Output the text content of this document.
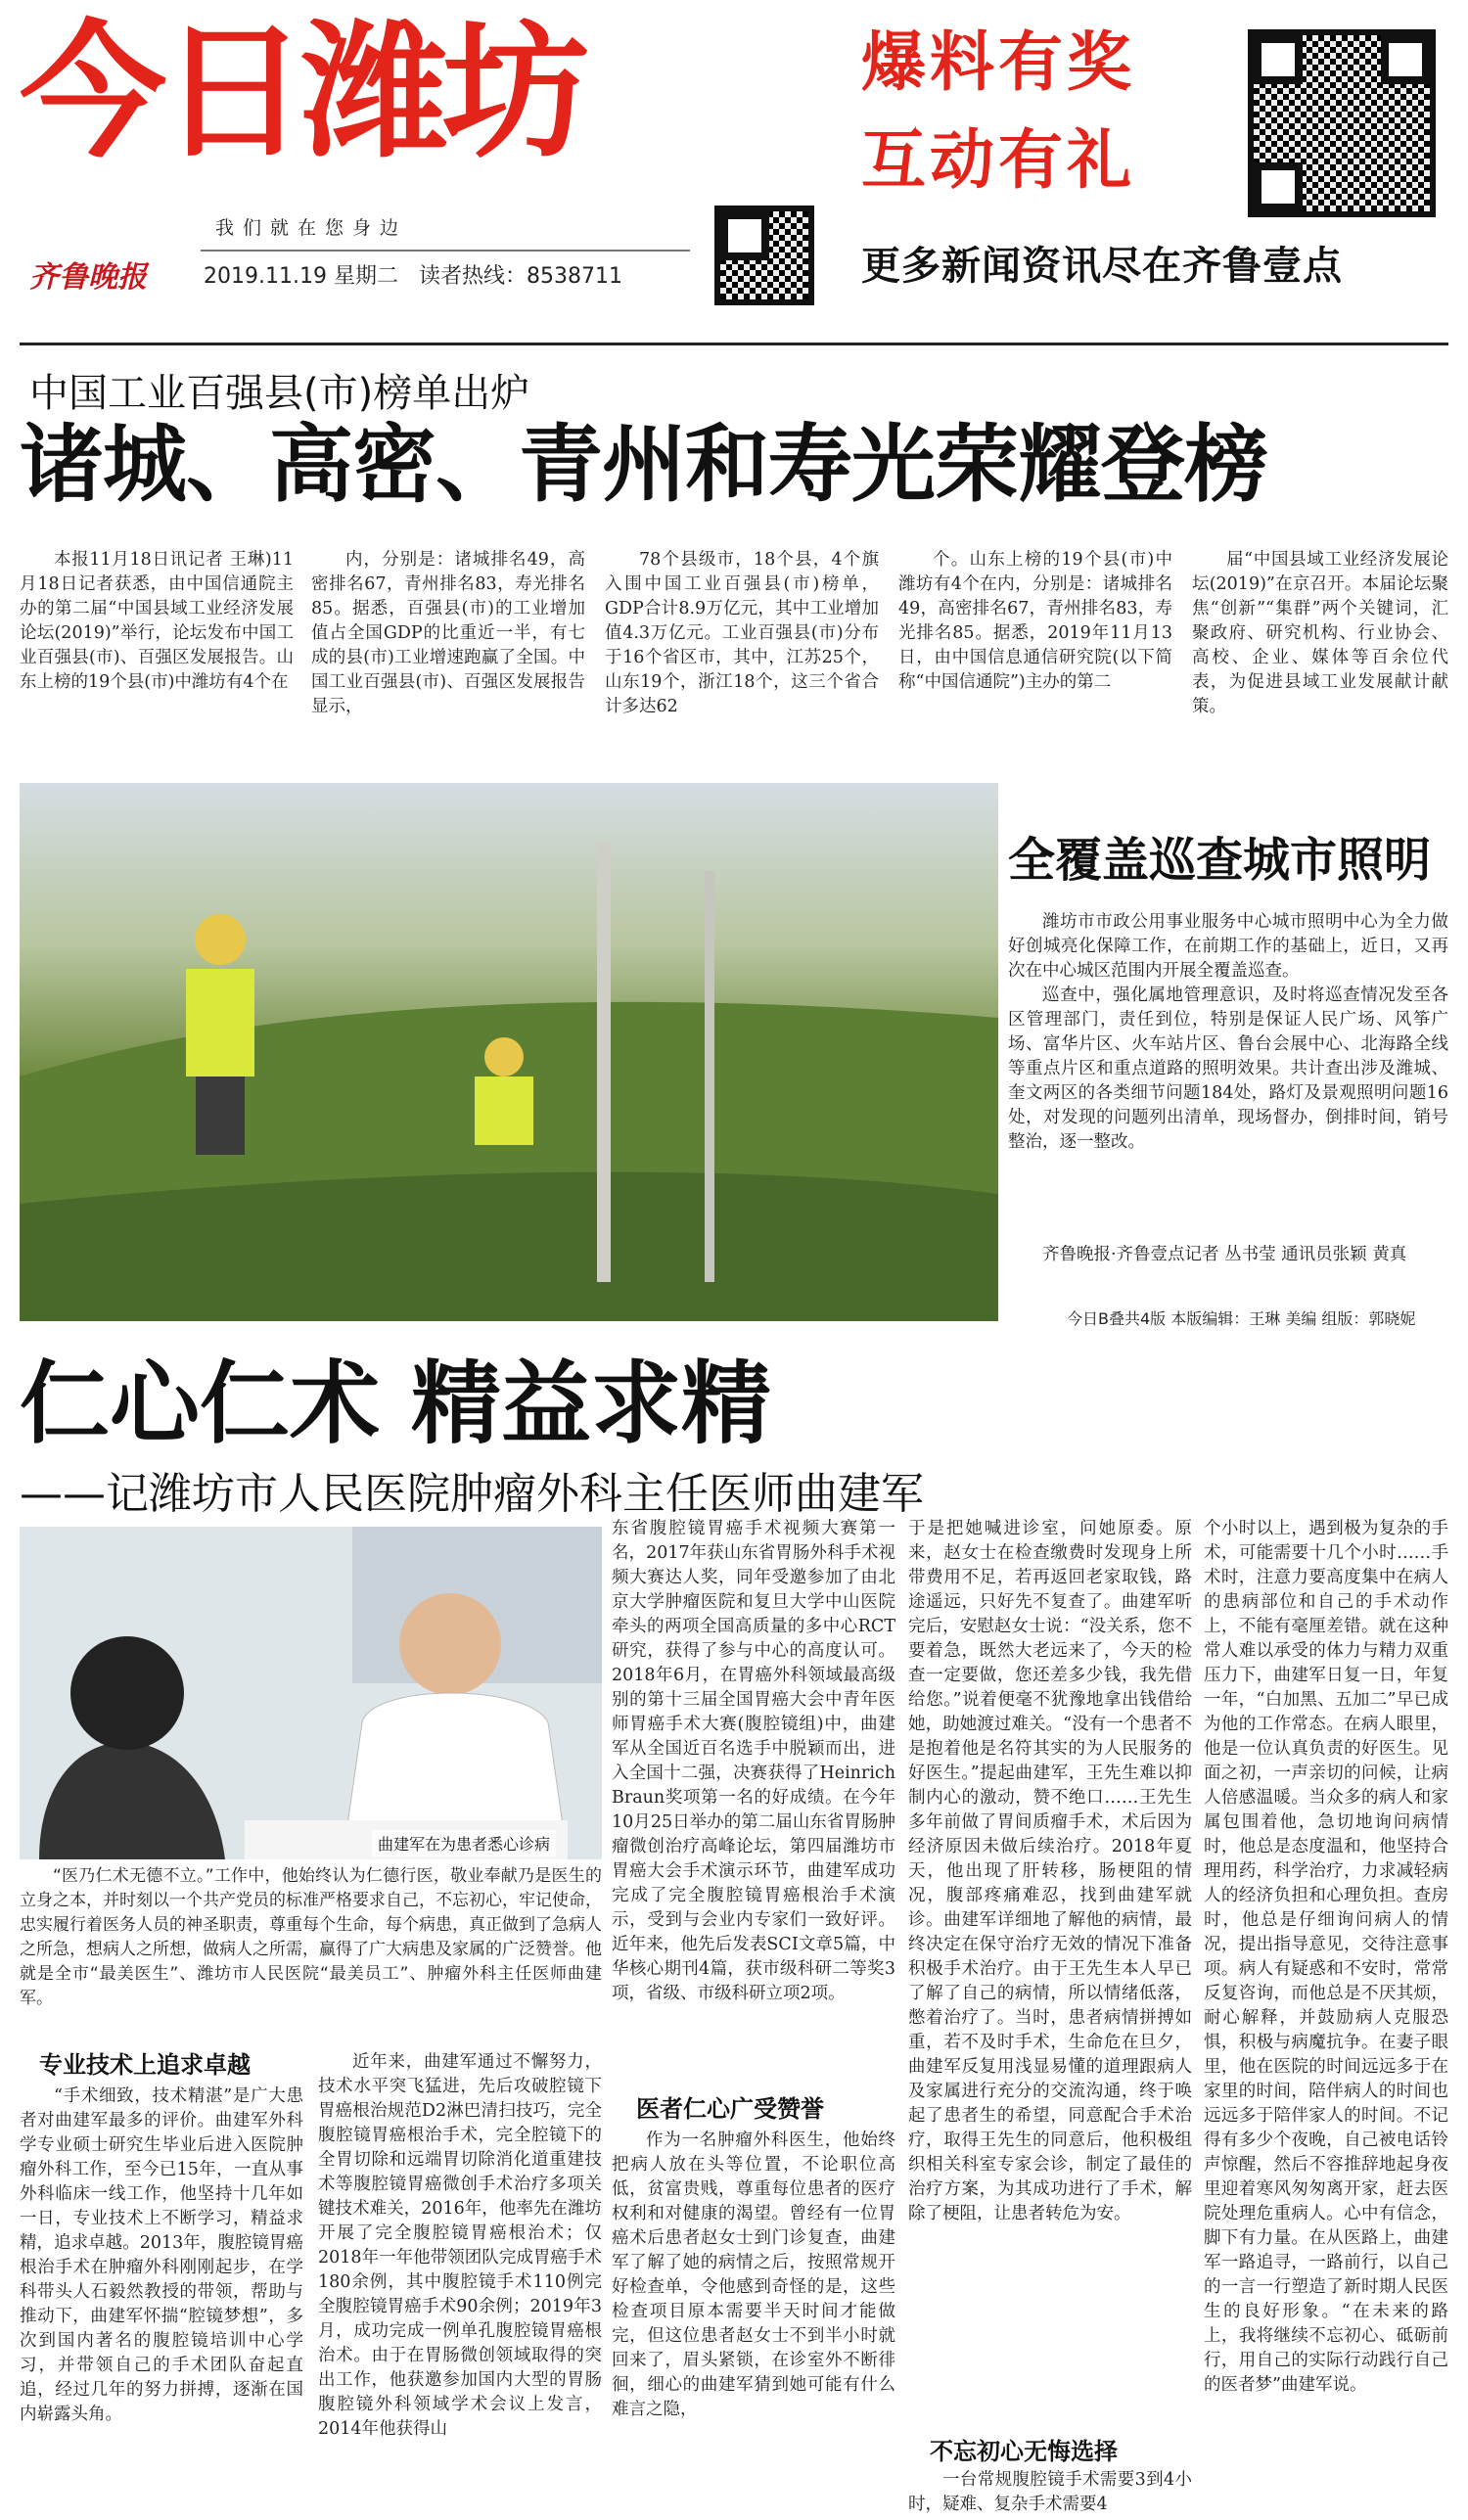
今日潍坊
我们就在您身边
齐鲁晚报	2019.11.19 星期二 读者热线：8538711
爆料有奖
互动有礼
更多新闻资讯尽在齐鲁壹点
中国工业百强县(市)榜单出炉
诸城、高密、青州和寿光荣耀登榜

本报11月18日讯记者 王琳)11月18日记者获悉，由中国信通院主办的第二届“中国县域工业经济发展论坛(2019)”举行，论坛发布中国工业百强县(市)、百强区发展报告。山东上榜的19个县(市)中潍坊有4个在

内，分别是：诸城排名49，高密排名67，青州排名83，寿光排名85。据悉，百强县(市)的工业增加值占全国GDP的比重近一半，有七成的县(市)工业增速跑赢了全国。中国工业百强县(市)、百强区发展报告显示，

78个县级市，18个县，4个旗入围中国工业百强县(市)榜单，GDP合计8.9万亿元，其中工业增加值4.3万亿元。工业百强县(市)分布于16个省区市，其中，江苏25个，山东19个，浙江18个，这三个省合计多达62

个。山东上榜的19个县(市)中潍坊有4个在内，分别是：诸城排名49，高密排名67，青州排名83，寿光排名85。据悉，2019年11月13日，由中国信息通信研究院(以下简称“中国信通院”)主办的第二

届“中国县域工业经济发展论坛(2019)”在京召开。本届论坛聚焦“创新”“集群”两个关键词，汇聚政府、研究机构、行业协会、高校、企业、媒体等百余位代表，为促进县域工业发展献计献策。

全覆盖巡查城市照明

潍坊市市政公用事业服务中心城市照明中心为全力做好创城亮化保障工作，在前期工作的基础上，近日，又再次在中心城区范围内开展全覆盖巡查。

巡查中，强化属地管理意识，及时将巡查情况发至各区管理部门，责任到位，特别是保证人民广场、风筝广场、富华片区、火车站片区、鲁台会展中心、北海路全线等重点片区和重点道路的照明效果。共计查出涉及潍城、奎文两区的各类细节问题184处，路灯及景观照明问题16处，对发现的问题列出清单，现场督办，倒排时间，销号整治，逐一整改。

齐鲁晚报·齐鲁壹点记者 丛书莹 通讯员张颖 黄真

今日B叠共4版 本版编辑：王琳 美编 组版：郭晓妮
仁心仁术 精益求精
——记潍坊市人民医院肿瘤外科主任医师曲建军
曲建军在为患者悉心诊病

“医乃仁术无德不立。”工作中，他始终认为仁德行医，敬业奉献乃是医生的立身之本，并时刻以一个共产党员的标准严格要求自己，不忘初心，牢记使命，忠实履行着医务人员的神圣职责，尊重每个生命，每个病患，真正做到了急病人之所急，想病人之所想，做病人之所需，赢得了广大病患及家属的广泛赞誉。他就是全市“最美医生”、潍坊市人民医院“最美员工”、肿瘤外科主任医师曲建军。

专业技术上追求卓越

“手术细致，技术精湛”是广大患者对曲建军最多的评价。曲建军外科学专业硕士研究生毕业后进入医院肿瘤外科工作，至今已15年，一直从事外科临床一线工作，他坚持十几年如一日，专业技术上不断学习，精益求精，追求卓越。2013年，腹腔镜胃癌根治手术在肿瘤外科刚刚起步，在学科带头人石毅然教授的带领，帮助与推动下，曲建军怀揣“腔镜梦想”，多次到国内著名的腹腔镜培训中心学习，并带领自己的手术团队奋起直追，经过几年的努力拼搏，逐渐在国内崭露头角。

近年来，曲建军通过不懈努力，技术水平突飞猛进，先后攻破腔镜下胃癌根治规范D2淋巴清扫技巧，完全腹腔镜胃癌根治手术，完全腔镜下的全胃切除和远端胃切除消化道重建技术等腹腔镜胃癌微创手术治疗多项关键技术难关，2016年，他率先在潍坊开展了完全腹腔镜胃癌根治术；仅2018年一年他带领团队完成胃癌手术180余例，其中腹腔镜手术110例完全腹腔镜胃癌手术90余例；2019年3月，成功完成一例单孔腹腔镜胃癌根治术。由于在胃肠微创领域取得的突出工作，他获邀参加国内大型的胃肠腹腔镜外科领域学术会议上发言，2014年他获得山

东省腹腔镜胃癌手术视频大赛第一名，2017年获山东省胃肠外科手术视频大赛达人奖，同年受邀参加了由北京大学肿瘤医院和复旦大学中山医院牵头的两项全国高质量的多中心RCT研究，获得了参与中心的高度认可。2018年6月，在胃癌外科领域最高级别的第十三届全国胃癌大会中青年医师胃癌手术大赛(腹腔镜组)中，曲建军从全国近百名选手中脱颖而出，进入全国十二强，决赛获得了Heinrich Braun奖项第一名的好成绩。在今年10月25日举办的第二届山东省胃肠肿瘤微创治疗高峰论坛，第四届潍坊市胃癌大会手术演示环节，曲建军成功完成了完全腹腔镜胃癌根治手术演示，受到与会业内专家们一致好评。近年来，他先后发表SCI文章5篇，中华核心期刊4篇，获市级科研二等奖3项，省级、市级科研立项2项。

医者仁心广受赞誉

作为一名肿瘤外科医生，他始终把病人放在头等位置，不论职位高低，贫富贵贱，尊重每位患者的医疗权利和对健康的渴望。曾经有一位胃癌术后患者赵女士到门诊复查，曲建军了解了她的病情之后，按照常规开好检查单，令他感到奇怪的是，这些检查项目原本需要半天时间才能做完，但这位患者赵女士不到半小时就回来了，眉头紧锁，在诊室外不断徘徊，细心的曲建军猜到她可能有什么难言之隐，

于是把她喊进诊室，问她原委。原来，赵女士在检查缴费时发现身上所带费用不足，若再返回老家取钱，路途遥远，只好先不复查了。曲建军听完后，安慰赵女士说：“没关系，您不要着急，既然大老远来了，今天的检查一定要做，您还差多少钱，我先借给您。”说着便毫不犹豫地拿出钱借给她，助她渡过难关。“没有一个患者不是抱着他是名符其实的为人民服务的好医生。”提起曲建军，王先生难以抑制内心的激动，赞不绝口……王先生多年前做了胃间质瘤手术，术后因为经济原因未做后续治疗。2018年夏天，他出现了肝转移，肠梗阻的情况，腹部疼痛难忍，找到曲建军就诊。曲建军详细地了解他的病情，最终决定在保守治疗无效的情况下准备积极手术治疗。由于王先生本人早已了解了自己的病情，所以情绪低落，憋着治疗了。当时，患者病情拼搏如重，若不及时手术，生命危在旦夕，曲建军反复用浅显易懂的道理跟病人及家属进行充分的交流沟通，终于唤起了患者生的希望，同意配合手术治疗，取得王先生的同意后，他积极组织相关科室专家会诊，制定了最佳的治疗方案，为其成功进行了手术，解除了梗阻，让患者转危为安。

不忘初心无悔选择

一台常规腹腔镜手术需要3到4小时，疑难、复杂手术需要4

个小时以上，遇到极为复杂的手术，可能需要十几个小时……手术时，注意力要高度集中在病人的患病部位和自己的手术动作上，不能有毫厘差错。就在这种常人难以承受的体力与精力双重压力下，曲建军日复一日，年复一年，“白加黑、五加二”早已成为他的工作常态。在病人眼里，他是一位认真负责的好医生。见面之初，一声亲切的问候，让病人倍感温暖。当众多的病人和家属包围着他，急切地询问病情时，他总是态度温和，他坚持合理用药，科学治疗，力求减轻病人的经济负担和心理负担。查房时，他总是仔细询问病人的情况，提出指导意见，交待注意事项。病人有疑惑和不安时，常常反复咨询，而他总是不厌其烦，耐心解释，并鼓励病人克服恐惧，积极与病魔抗争。在妻子眼里，他在医院的时间远远多于在家里的时间，陪伴病人的时间也远远多于陪伴家人的时间。不记得有多少个夜晚，自己被电话铃声惊醒，然后不容推辞地起身夜里迎着寒风匆匆离开家，赶去医院处理危重病人。心中有信念，脚下有力量。在从医路上，曲建军一路追寻，一路前行，以自己的一言一行塑造了新时期人民医生的良好形象。“在未来的路上，我将继续不忘初心、砥砺前行，用自己的实际行动践行自己的医者梦”曲建军说。
